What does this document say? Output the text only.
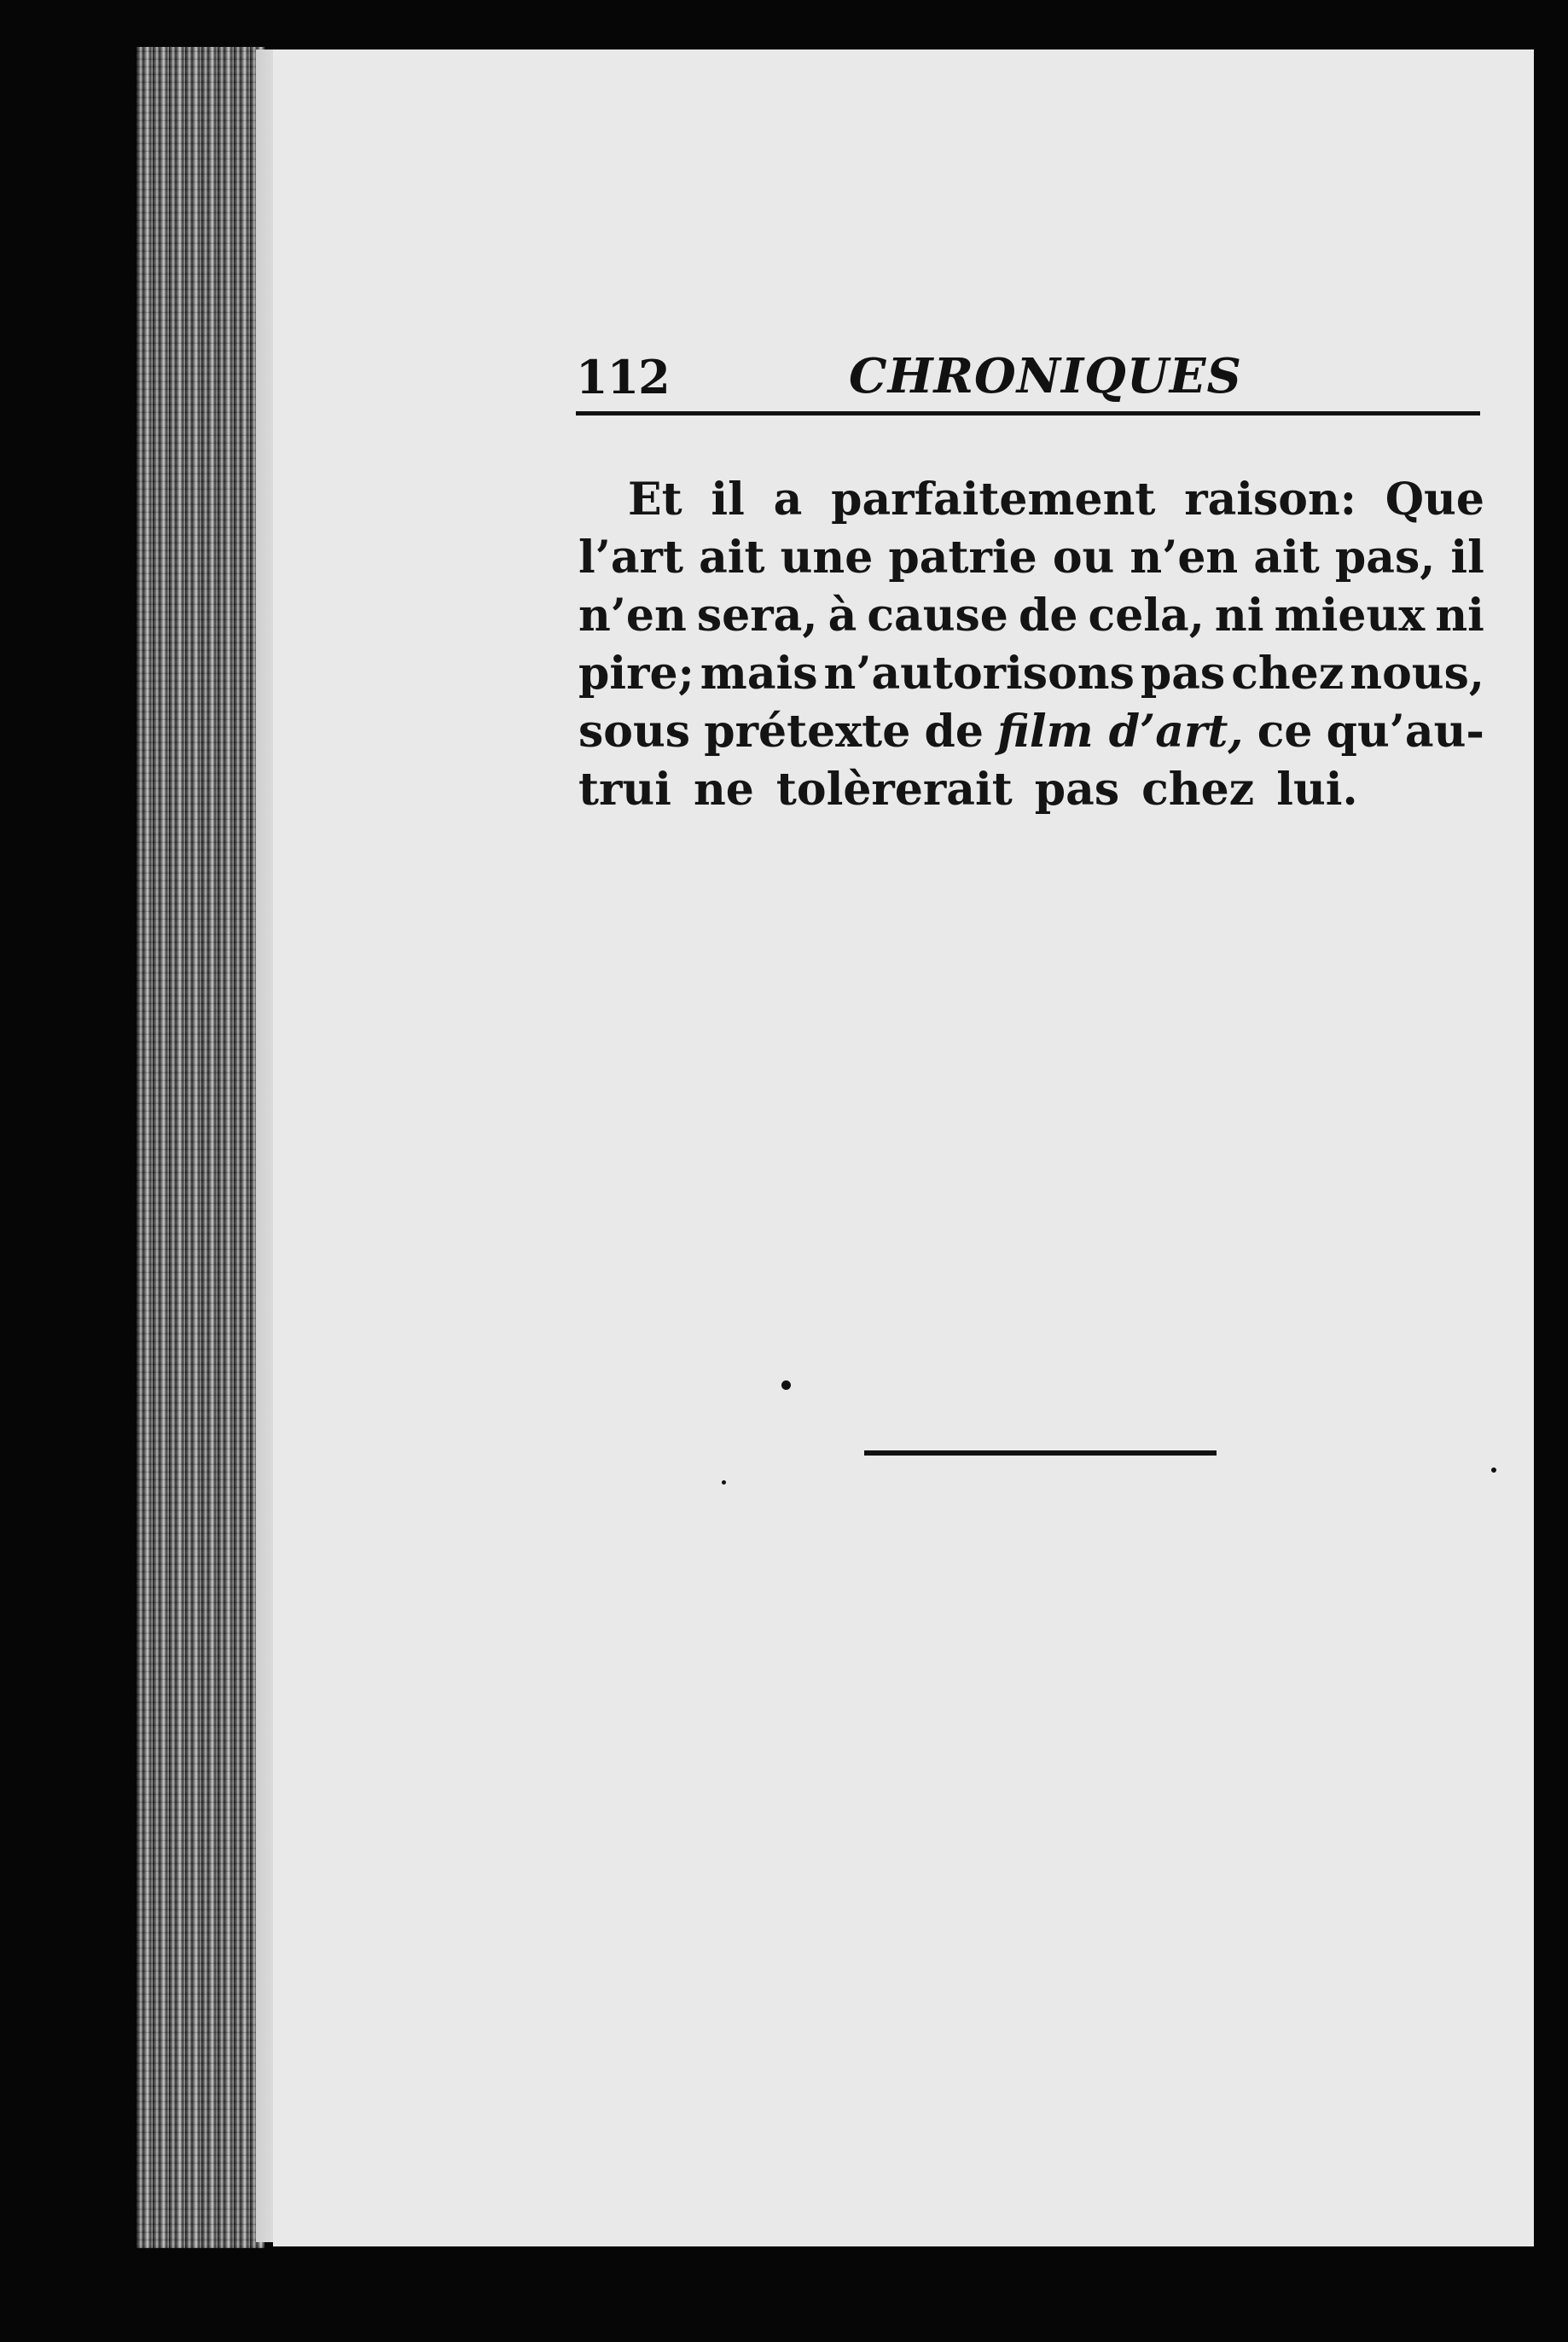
112	CHRONIQUES
Et il a parfaitement raison: Que
l’art ait une patrie ou n’en ait pas, il
n’en sera, à cause de cela, ni mieux ni
pire; mais n’autorisons pas chez nous,
sous prétexte de film d’art, ce qu’au-
trui ne tolèrerait pas chez lui.
